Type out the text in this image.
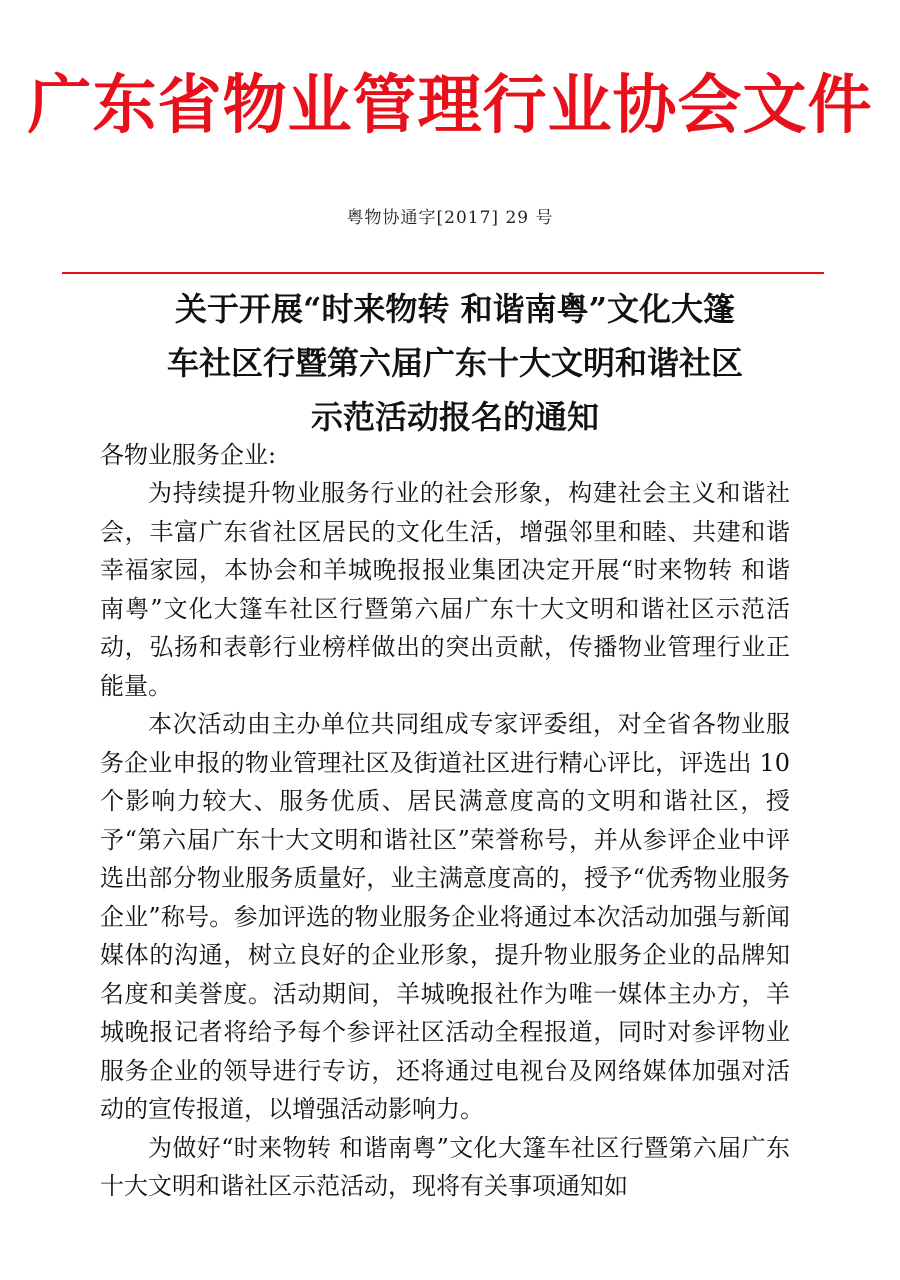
广东省物业管理行业协会文件
粤物协通字[2017] 29 号
关于开展“时来物转 和谐南粤”文化大篷
车社区行暨第六届广东十大文明和谐社区
示范活动报名的通知
各物业服务企业:

为持续提升物业服务行业的社会形象，构建社会主义和谐社会，丰富广东省社区居民的文化生活，增强邻里和睦、共建和谐幸福家园，本协会和羊城晚报报业集团决定开展“时来物转 和谐南粤”文化大篷车社区行暨第六届广东十大文明和谐社区示范活动，弘扬和表彰行业榜样做出的突出贡献，传播物业管理行业正能量。

本次活动由主办单位共同组成专家评委组，对全省各物业服务企业申报的物业管理社区及街道社区进行精心评比，评选出 10 个影响力较大、服务优质、居民满意度高的文明和谐社区，授予“第六届广东十大文明和谐社区”荣誉称号，并从参评企业中评选出部分物业服务质量好，业主满意度高的，授予“优秀物业服务企业”称号。参加评选的物业服务企业将通过本次活动加强与新闻媒体的沟通，树立良好的企业形象，提升物业服务企业的品牌知名度和美誉度。活动期间，羊城晚报社作为唯一媒体主办方，羊城晚报记者将给予每个参评社区活动全程报道，同时对参评物业服务企业的领导进行专访，还将通过电视台及网络媒体加强对活动的宣传报道，以增强活动影响力。

为做好“时来物转 和谐南粤”文化大篷车社区行暨第六届广东十大文明和谐社区示范活动，现将有关事项通知如
